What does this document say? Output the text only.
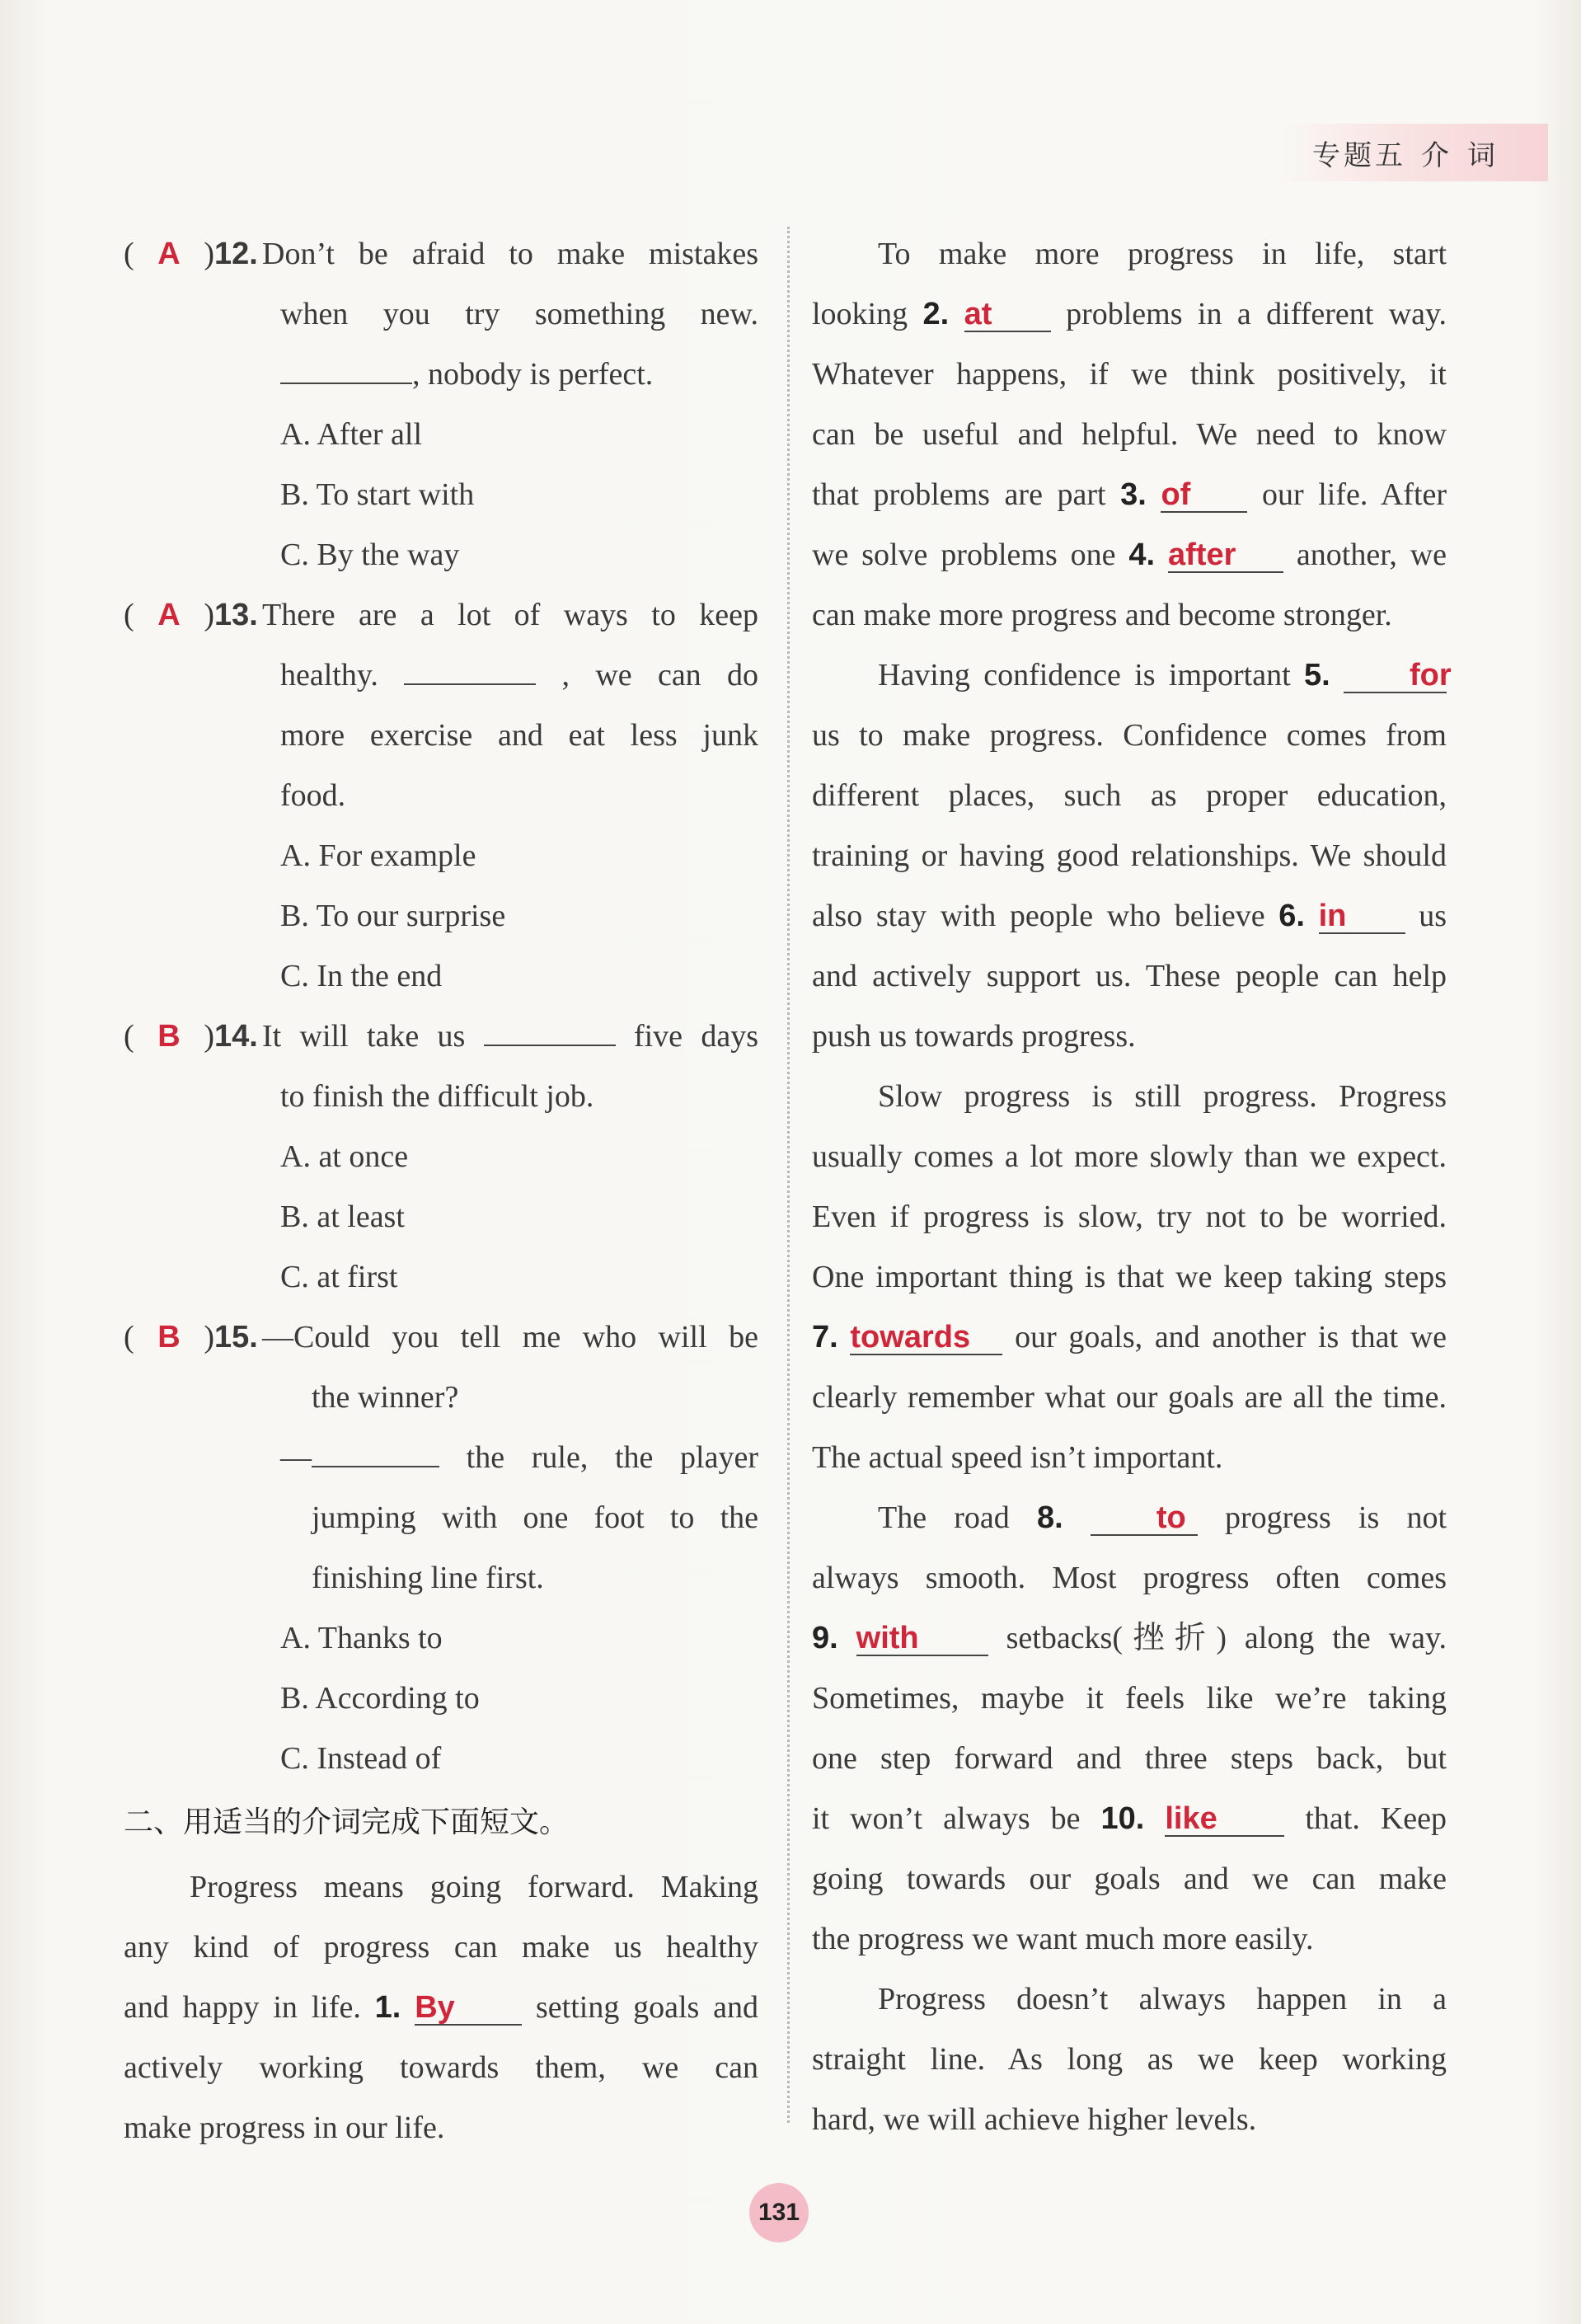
专题五 介 词
( A ) 12. Don’t be afraid to make mistakes
when you try something new.
, nobody is perfect.
A. After all
B. To start with
C. By the way
( A ) 13. There are a lot of ways to keep
healthy.	, we can do
more exercise and eat less junk
food.
A. For example
B. To our surprise
C. In the end
( B ) 14. It will take us	five days
to finish the difficult job.
A. at once
B. at least
C. at first
( B ) 15. —Could you tell me who will be
the winner?
—	the rule, the player
jumping with one foot to the
finishing line first.
A. Thanks to
B. According to
C. Instead of
二、用适当的介词完成下面短文。
Progress means going forward. Making
any kind of progress can make us healthy
and happy in life. 1. By	setting goals and
actively working towards them, we can
make progress in our life.
To make more progress in life, start
looking 2. at problems in a different way.
Whatever happens, if we think positively, it
can be useful and helpful. We need to know
that problems are part 3. of our life. After
we solve problems one 4. after another, we
can make more progress and become stronger.
Having confidence is important 5.	for
us to make progress. Confidence comes from
different places, such as proper education,
training or having good relationships. We should
also stay with people who believe 6. in us
and actively support us. These people can help
push us towards progress.
Slow progress is still progress. Progress
usually comes a lot more slowly than we expect.
Even if progress is slow, try not to be worried.
One important thing is that we keep taking steps
7. towards our goals, and another is that we
clearly remember what our goals are all the time.
The actual speed isn’t important.
The road 8.	to progress is not
always smooth. Most progress often comes
9. with	setbacks(挫折) along the way.
Sometimes, maybe it feels like we’re taking
one step forward and three steps back, but
it won’t always be 10. like	that. Keep
going towards our goals and we can make
the progress we want much more easily.
Progress doesn’t always happen in a
straight line. As long as we keep working
hard, we will achieve higher levels.
131
